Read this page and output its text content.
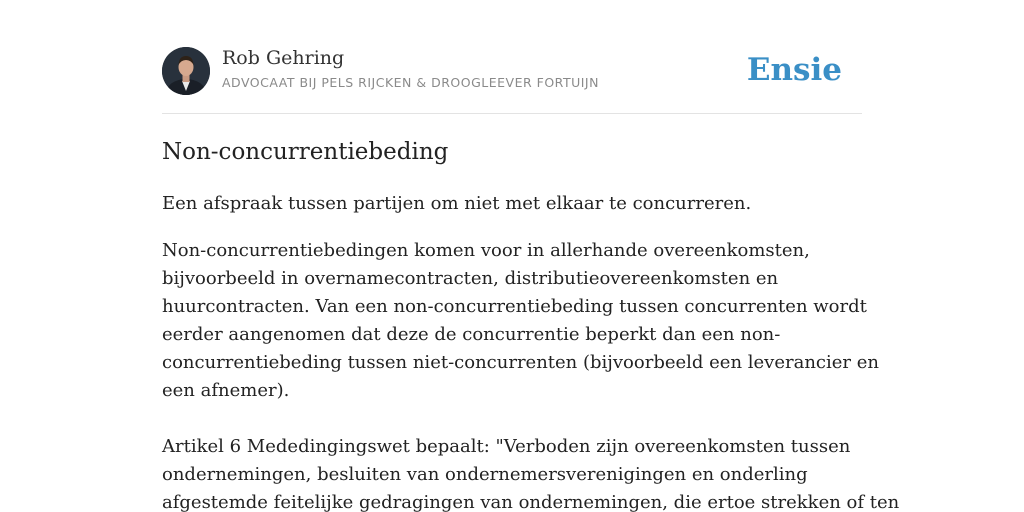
Rob Gehring
ADVOCAAT BIJ PELS RIJCKEN & DROOGLEEVER FORTUIJN	Ensie
Non-concurrentiebeding

Een afspraak tussen partijen om niet met elkaar te concurreren.

Non-concurrentiebedingen komen voor in allerhande overeenkomsten,
bijvoorbeeld in overnamecontracten, distributieovereenkomsten en
huurcontracten. Van een non-concurrentiebeding tussen concurrenten wordt
eerder aangenomen dat deze de concurrentie beperkt dan een non-
concurrentiebeding tussen niet-concurrenten (bijvoorbeeld een leverancier en
een afnemer).
Artikel 6 Mededingingswet bepaalt: "Verboden zijn overeenkomsten tussen
ondernemingen, besluiten van ondernemersverenigingen en onderling
afgestemde feitelijke gedragingen van ondernemingen, die ertoe strekken of ten
